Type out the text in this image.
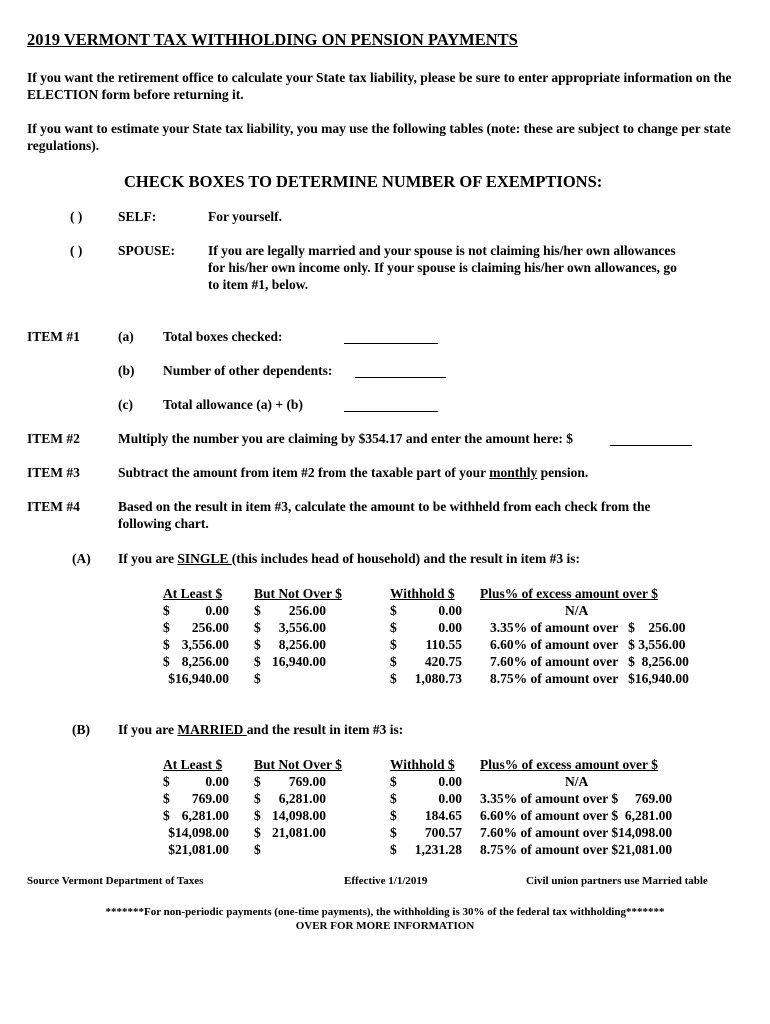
2019 VERMONT TAX WITHHOLDING ON PENSION PAYMENTS
If you want the retirement office to calculate your State tax liability, please be sure to enter appropriate information on the ELECTION form before returning it.
If you want to estimate your State tax liability, you may use the following tables (note: these are subject to change per state regulations).
CHECK BOXES TO DETERMINE NUMBER OF EXEMPTIONS:
( )	SELF:	For yourself.
( )	SPOUSE: If you are legally married and your spouse is not claiming his/her own allowances
for his/her own income only. If your spouse is claiming his/her own allowances, go
to item #1, below.
ITEM #1	(a) Total boxes checked:
(b) Number of other dependents:
(c) Total allowance (a) + (b)
ITEM #2	Multiply the number you are claiming by $354.17 and enter the amount here: $
ITEM #3	Subtract the amount from item #2 from the taxable part of your monthly pension.
ITEM #4	Based on the result in item #3, calculate the amount to be withheld from each check from the
following chart.
(A) If you are SINGLE (this includes head of household) and the result in item #3 is:
At Least $ But Not Over $	Withhold $ Plus% of excess amount over $
$	0.00 $ 256.00	$	0.00	N/A
$ 256.00 $ 3,556.00	$	0.00 3.35% of amount over   $    256.00
$ 3,556.00 $ 8,256.00	$ 110.55 6.60% of amount over   $ 3,556.00
$ 8,256.00 $ 16,940.00	$ 420.75 7.60% of amount over   $  8,256.00
$16,940.00 $	$ 1,080.73 8.75% of amount over   $16,940.00
(B) If you are MARRIED and the result in item #3 is:
At Least $ But Not Over $	Withhold $ Plus% of excess amount over $
$	0.00 $ 769.00	$	0.00	N/A
$ 769.00 $ 6,281.00	$	0.00 3.35% of amount over $     769.00
$ 6,281.00 $ 14,098.00	$ 184.65 6.60% of amount over $  6,281.00
$14,098.00 $ 21,081.00	$ 700.57 7.60% of amount over $14,098.00
$21,081.00 $	$ 1,231.28 8.75% of amount over $21,081.00
Source Vermont Department of Taxes	Effective 1/1/2019	Civil union partners use Married table
*******For non-periodic payments (one-time payments), the withholding is 30% of the federal tax withholding*******
OVER FOR MORE INFORMATION
